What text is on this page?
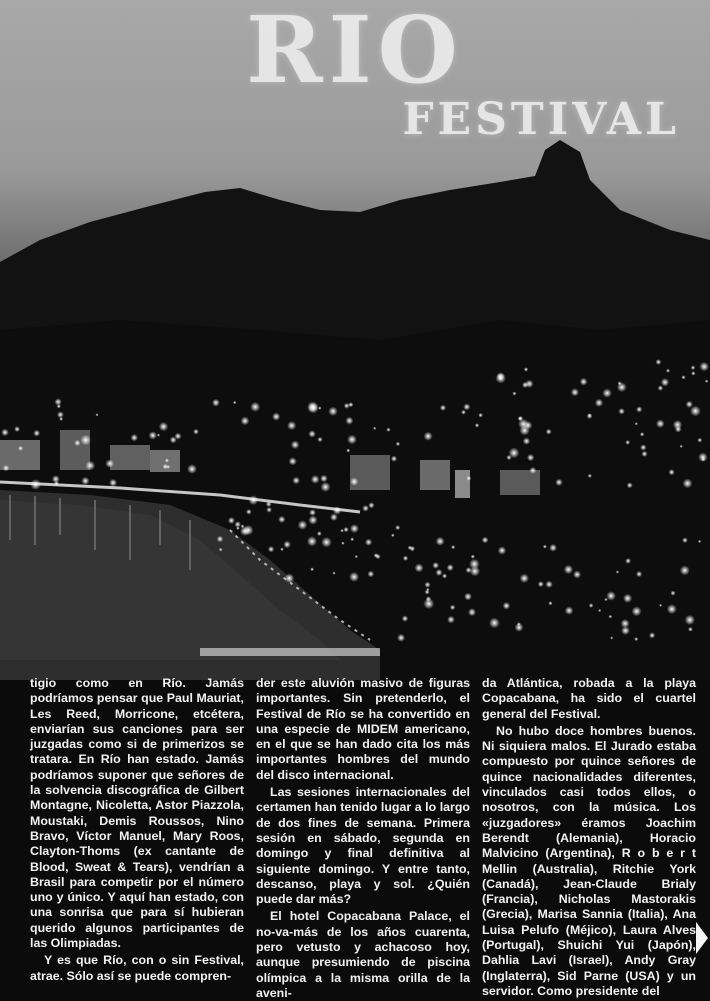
RIO
FESTIVAL

tigio como en Río. Jamás podríamos pensar que Paul Mauriat, Les Reed, Morricone, etcétera, enviarían sus canciones para ser juzgadas como si de primerizos se tratara. En Río han estado. Jamás podríamos suponer que señores de la solvencia discográfica de Gilbert Montagne, Nicoletta, Astor Piazzola, Moustaki, Demis Roussos, Nino Bravo, Víctor Manuel, Mary Roos, Clayton-Thoms (ex cantante de Blood, Sweat & Tears), vendrían a Brasil para competir por el número uno y único. Y aquí han estado, con una sonrisa que para sí hubieran querido algunos participantes de las Olimpiadas.

Y es que Río, con o sin Festival, atrae. Sólo así se puede compren-

der este aluvión masivo de figuras importantes. Sin pretenderlo, el Festival de Río se ha convertido en una especie de MIDEM americano, en el que se han dado cita los más importantes hombres del mundo del disco internacional.

Las sesiones internacionales del certamen han tenido lugar a lo largo de dos fines de semana. Primera sesión en sábado, segunda en domingo y final definitiva al siguiente domingo. Y entre tanto, descanso, playa y sol. ¿Quién puede dar más?

El hotel Copacabana Palace, el no-va-más de los años cuarenta, pero vetusto y achacoso hoy, aunque presumiendo de piscina olímpica a la misma orilla de la aveni-

da Atlántica, robada a la playa Copacabana, ha sido el cuartel general del Festival.

No hubo doce hombres buenos. Ni siquiera malos. El Jurado estaba compuesto por quince señores de quince nacionalidades diferentes, vinculados casi todos ellos, o nosotros, con la música. Los «juzgadores» éramos Joachim Berendt (Alemania), Horacio Malvicino (Argentina), R o b e r t Mellin (Australia), Ritchie York (Canadá), Jean-Claude Brialy (Francia), Nicholas Mastorakis (Grecia), Marisa Sannia (Italia), Ana Luisa Pelufo (Méjico), Laura Alves (Portugal), Shuichi Yui (Japón), Dahlia Lavi (Israel), Andy Gray (Inglaterra), Sid Parne (USA) y un servidor. Como presidente del
